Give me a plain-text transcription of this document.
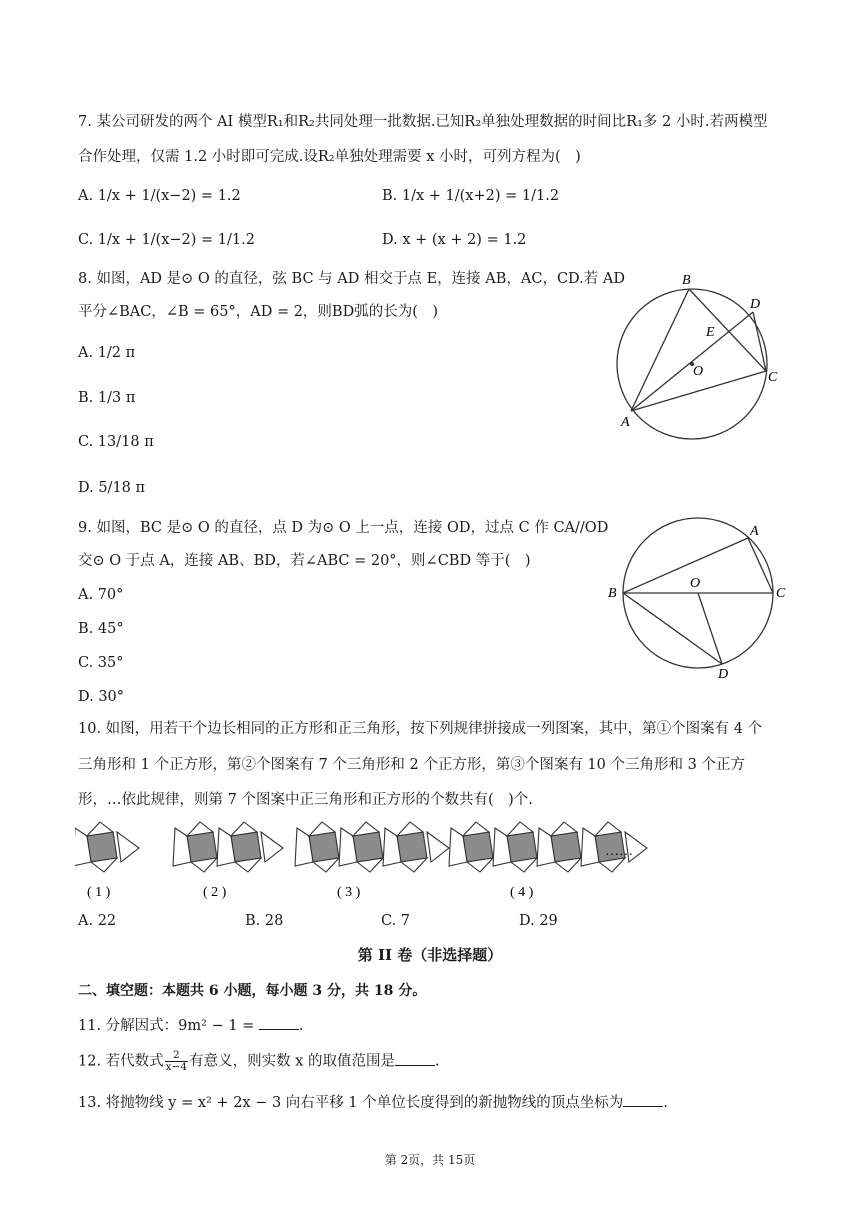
7. 某公司研发的两个 AI 模型R₁和R₂共同处理一批数据.已知R₂单独处理数据的时间比R₁多 2 小时.若两模型
合作处理，仅需 1.2 小时即可完成.设R₂单独处理需要 x 小时，可列方程为(　)
A. 1/x + 1/(x−2) = 1.2	B. 1/x + 1/(x+2) = 1/1.2
C. 1/x + 1/(x−2) = 1/1.2	D. x + (x + 2) = 1.2
8. 如图，AD 是⊙ O 的直径，弦 BC 与 AD 相交于点 E，连接 AB，AC，CD.若 AD
平分∠BAC，∠B = 65°，AD = 2，则BD弧的长为(　)
A. 1/2 π
B. 1/3 π
C. 13/18 π
D. 5/18 π
B
D
E
O	C
A
9. 如图，BC 是⊙ O 的直径，点 D 为⊙ O 上一点，连接 OD，过点 C 作 CA//OD
交⊙ O 于点 A，连接 AB、BD，若∠ABC = 20°，则∠CBD 等于(　)
A. 70°
B. 45°
C. 35°
D. 30°
A
B
O
C
D
10. 如图，用若干个边长相同的正方形和正三角形，按下列规律拼接成一列图案，其中，第①个图案有 4 个
三角形和 1 个正方形，第②个图案有 7 个三角形和 2 个正方形，第③个图案有 10 个三角形和 3 个正方
形，…依此规律，则第 7 个图案中正三角形和正方形的个数共有(　)个.
( 1 )	( 2 )	( 3 )	( 4 )
……
A. 22	B. 28	C. 7	D. 29
第 II 卷（非选择题）
二、填空题：本题共 6 小题，每小题 3 分，共 18 分。
11. 分解因式：9m² − 1 =	.
12. 若代数式 $\frac{2}{x-4}$ 有意义，则实数 x 的取值范围是	.
13. 将抛物线 y = x² + 2x − 3 向右平移 1 个单位长度得到的新抛物线的顶点坐标为	.
第 2页，共 15页
